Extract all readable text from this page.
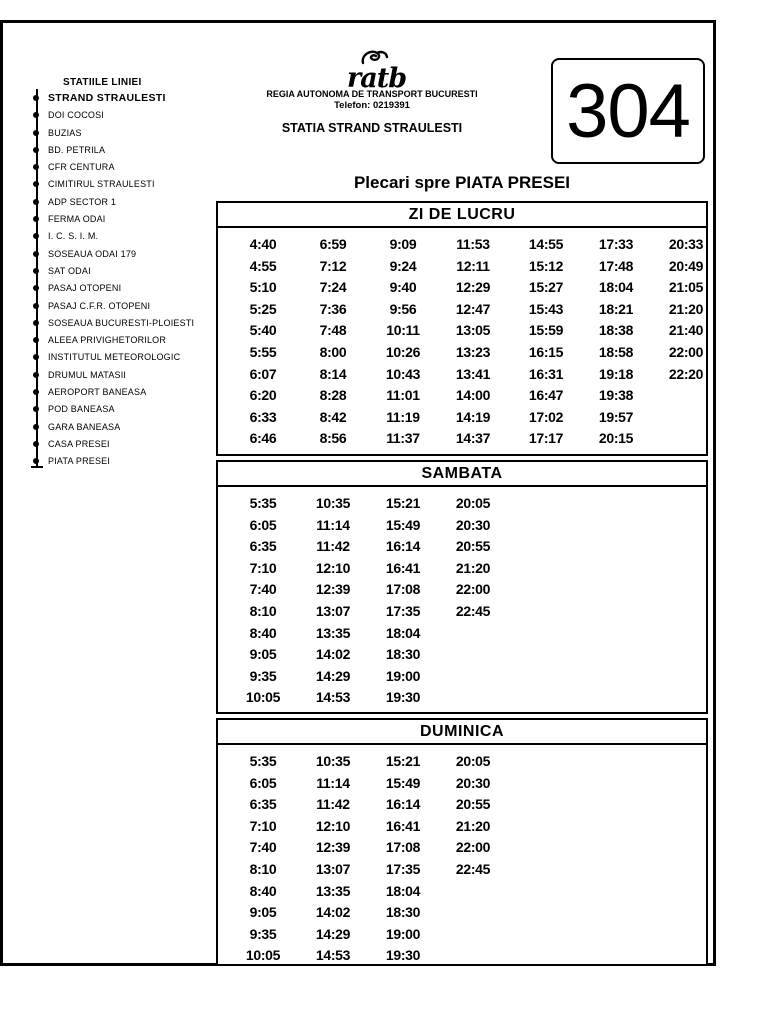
STATIILE LINIEI
STRAND STRAULESTI
DOI COCOSI
BUZIAS
BD. PETRILA
CFR CENTURA
CIMITIRUL STRAULESTI
ADP SECTOR 1
FERMA ODAI
I. C. S. I. M.
SOSEAUA ODAI 179
SAT ODAI
PASAJ OTOPENI
PASAJ C.F.R. OTOPENI
SOSEAUA BUCURESTI-PLOIESTI
ALEEA PRIVIGHETORILOR
INSTITUTUL METEOROLOGIC
DRUMUL MATASII
AEROPORT BANEASA
POD BANEASA
GARA BANEASA
CASA PRESEI
PIATA PRESEI
ratb
REGIA AUTONOMA DE TRANSPORT BUCURESTI
Telefon: 0219391
STATIA STRAND STRAULESTI 304
Plecari spre PIATA PRESEI
ZI DE LUCRU
4:40
4:55
5:10
5:25
5:40
5:55
6:07
6:20
6:33
6:46
6:59
7:12
7:24
7:36
7:48
8:00
8:14
8:28
8:42
8:56
9:09
9:24
9:40
9:56
10:11
10:26
10:43
11:01
11:19
11:37
11:53
12:11
12:29
12:47
13:05
13:23
13:41
14:00
14:19
14:37
14:55
15:12
15:27
15:43
15:59
16:15
16:31
16:47
17:02
17:17
17:33
17:48
18:04
18:21
18:38
18:58
19:18
19:38
19:57
20:15
20:33
20:49
21:05
21:20
21:40
22:00
22:20
SAMBATA
5:35
6:05
6:35
7:10
7:40
8:10
8:40
9:05
9:35
10:05
10:35
11:14
11:42
12:10
12:39
13:07
13:35
14:02
14:29
14:53
15:21
15:49
16:14
16:41
17:08
17:35
18:04
18:30
19:00
19:30
20:05
20:30
20:55
21:20
22:00
22:45
DUMINICA
5:35
6:05
6:35
7:10
7:40
8:10
8:40
9:05
9:35
10:05
10:35
11:14
11:42
12:10
12:39
13:07
13:35
14:02
14:29
14:53
15:21
15:49
16:14
16:41
17:08
17:35
18:04
18:30
19:00
19:30
20:05
20:30
20:55
21:20
22:00
22:45
